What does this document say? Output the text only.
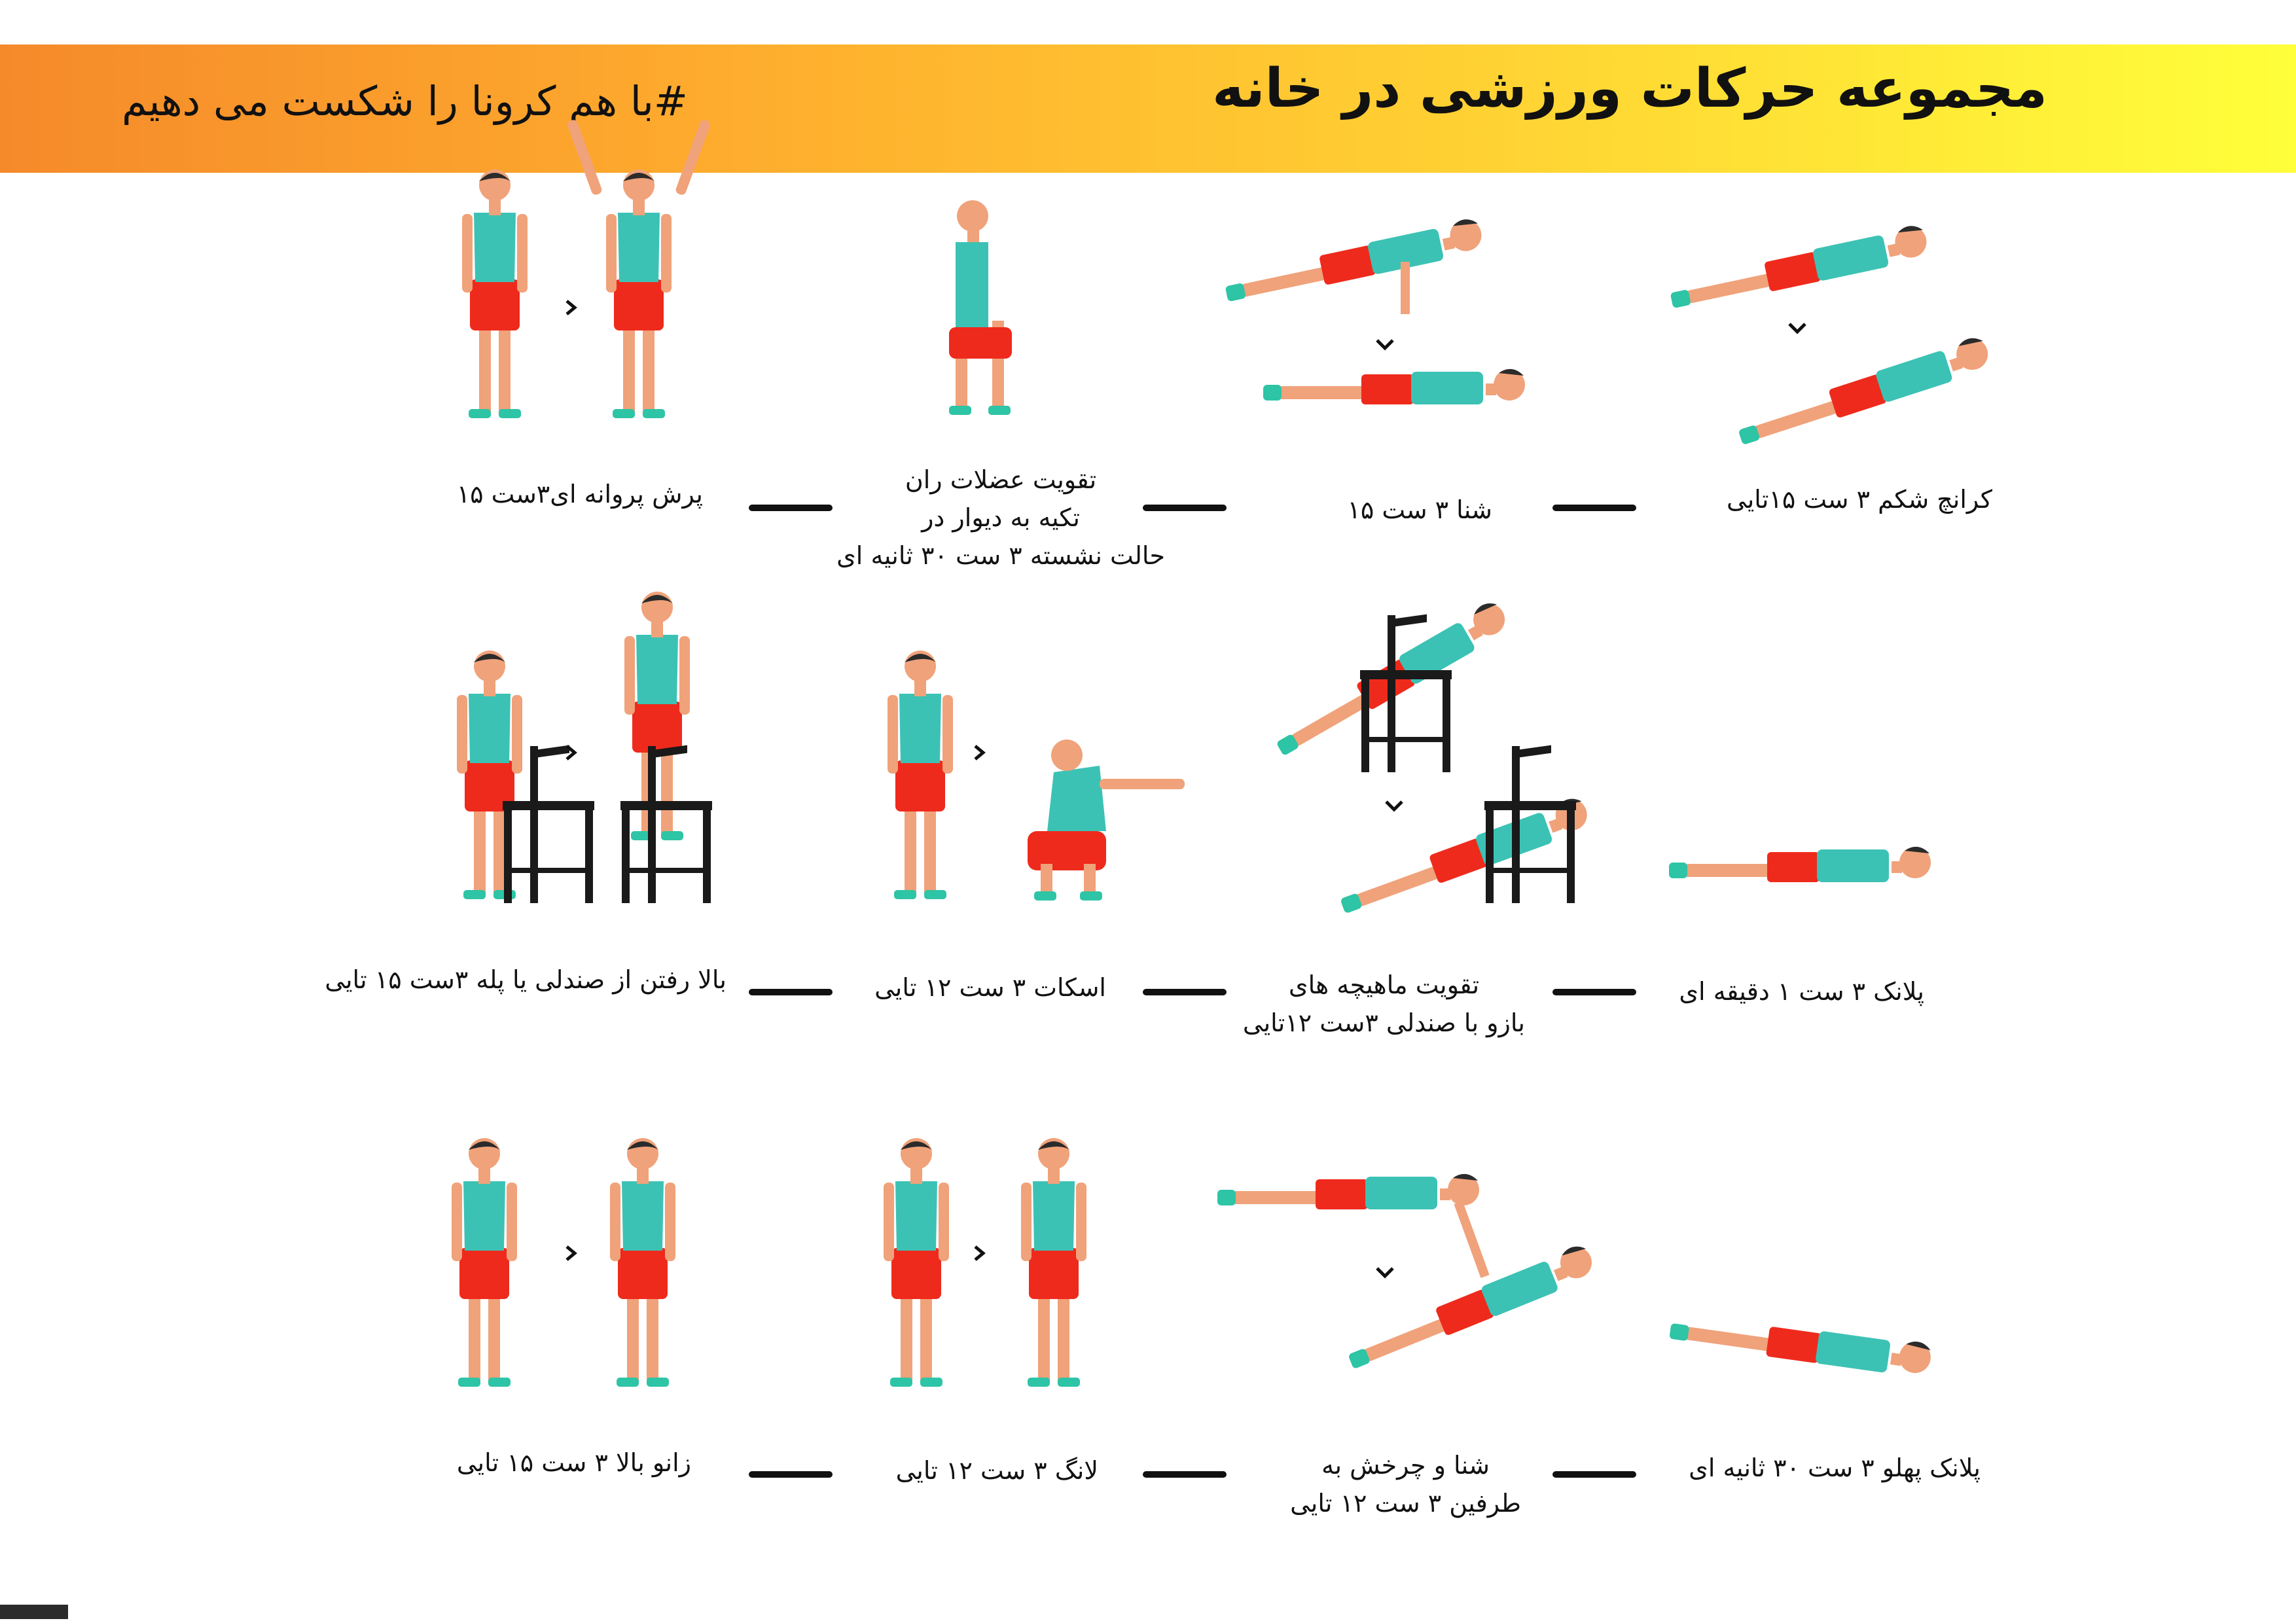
مجموعه حرکات ورزشی در خانه
#با هم کرونا را شکست می دهیم
کرانچ شکم ۳ ست ۱۵تایی
شنا ۳ ست ۱۵
تقویت عضلات ران
تکیه به دیوار در
حالت نشسته ۳ ست ۳۰ ثانیه ای
پرش پروانه ای۳ست ۱۵
پلانک ۳ ست ۱ دقیقه ای
تقویت ماهیچه های
بازو با صندلی ۳ست ۱۲تایی
اسکات ۳ ست ۱۲ تایی
بالا رفتن از صندلی یا پله ۳ست ۱۵ تایی
پلانک پهلو ۳ ست ۳۰ ثانیه ای
شنا و چرخش به
طرفین ۳ ست ۱۲ تایی
لانگ ۳ ست ۱۲ تایی
زانو بالا ۳ ست ۱۵ تایی
